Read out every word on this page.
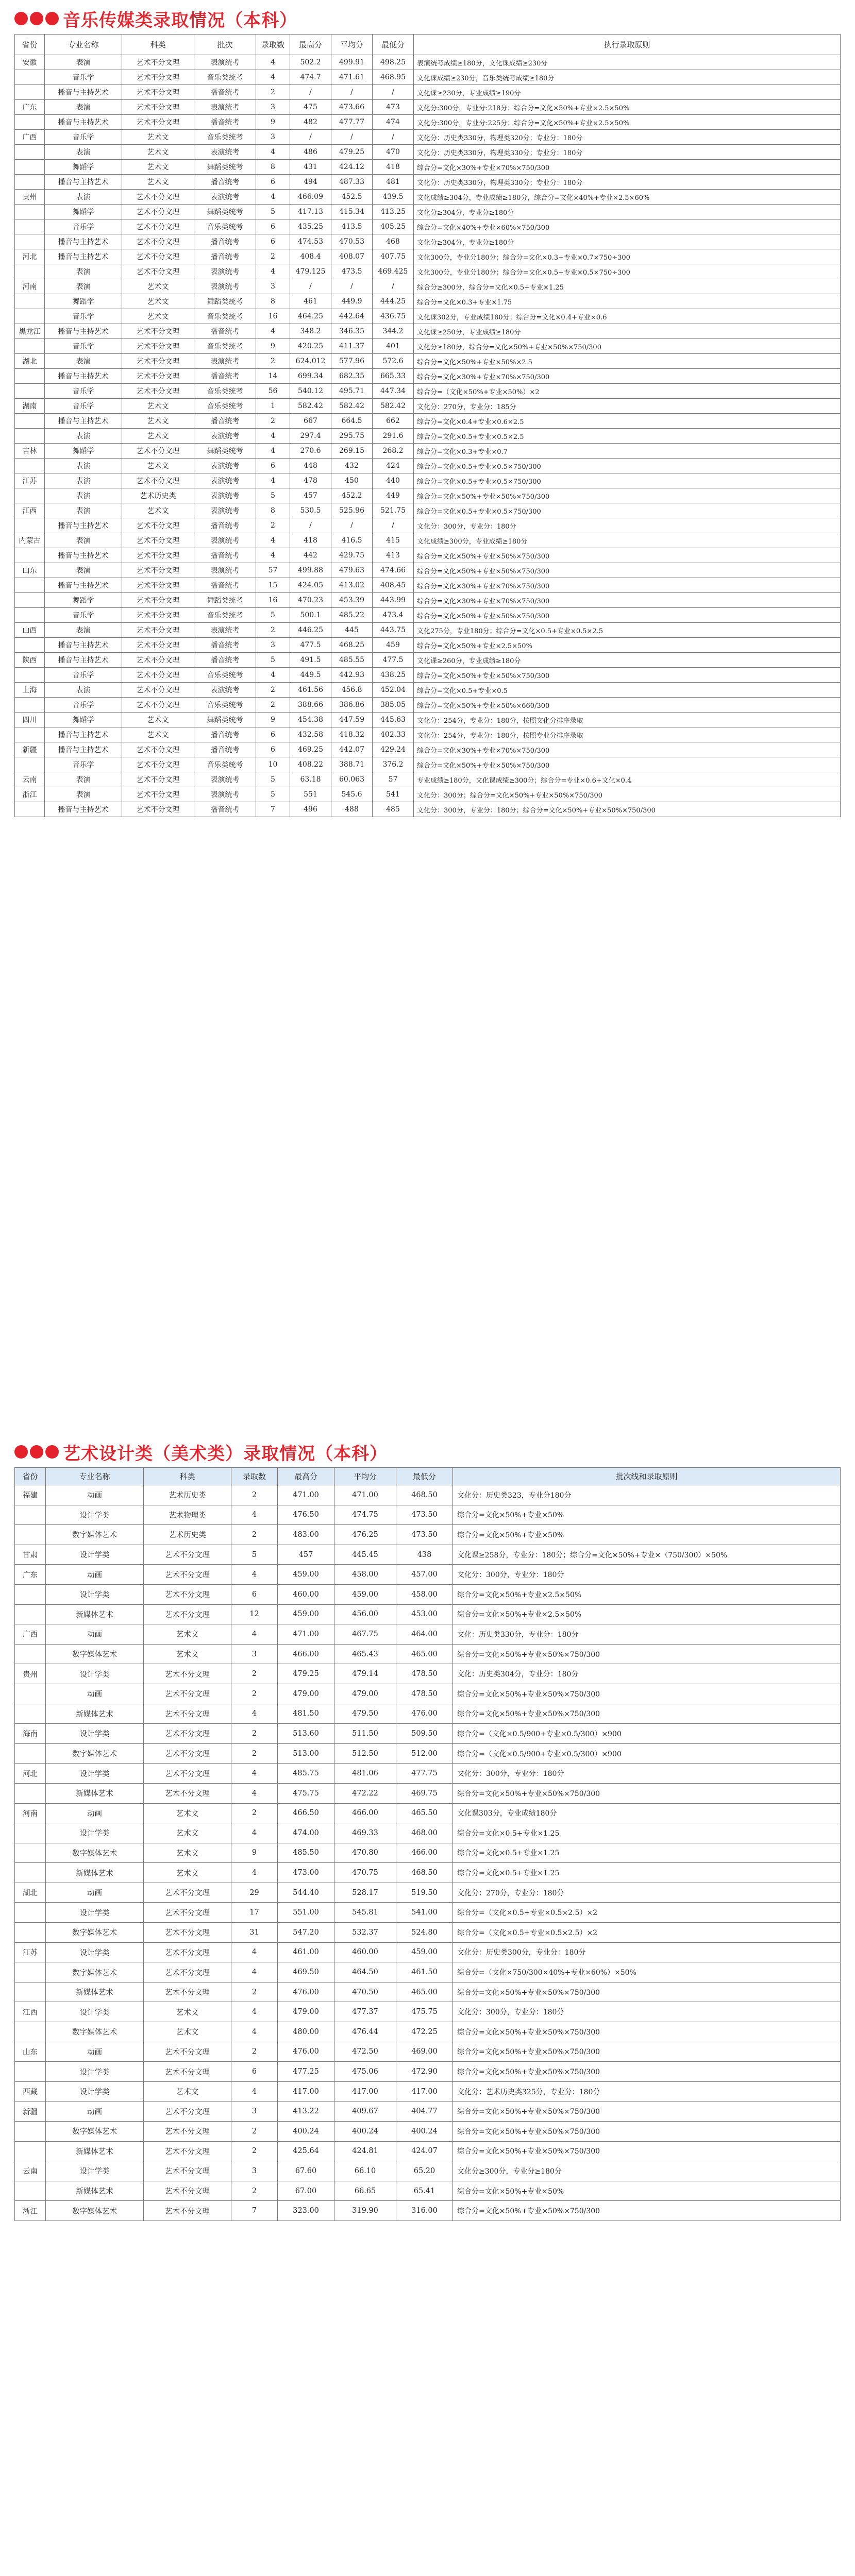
音乐传媒类录取情况（本科）
省份	专业名称	科类	批次	录取数	最高分	平均分	最低分	执行录取原则
安徽	表演	艺术不分文理	表演统考	4	502.2	499.91	498.25	表演统考成绩≥180分，文化课成绩≥230分
	音乐学	艺术不分文理	音乐类统考	4	474.7	471.61	468.95	文化课成绩≥230分，音乐类统考成绩≥180分
	播音与主持艺术	艺术不分文理	播音统考	2	/	/	/	文化课≥230分，专业成绩≥190分
广东	表演	艺术不分文理	表演统考	3	475	473.66	473	文化分:300分，专业分:218分；综合分=文化×50%+专业×2.5×50%
	播音与主持艺术	艺术不分文理	播音统考	9	482	477.77	474	文化分:300分，专业分:225分；综合分=文化×50%+专业×2.5×50%
广西	音乐学	艺术文	音乐类统考	3	/	/	/	文化分：历史类330分，物理类320分；专业分：180分
	表演	艺术文	表演统考	4	486	479.25	470	文化分：历史类330分，物理类330分；专业分：180分
	舞蹈学	艺术文	舞蹈类统考	8	431	424.12	418	综合分=文化×30%+专业×70%×750/300
	播音与主持艺术	艺术文	播音统考	6	494	487.33	481	文化分：历史类330分，物理类330分；专业分：180分
贵州	表演	艺术不分文理	表演统考	4	466.09	452.5	439.5	文化成绩≥304分，专业成绩≥180分，综合分=文化×40%+专业×2.5×60%
	舞蹈学	艺术不分文理	舞蹈类统考	5	417.13	415.34	413.25	文化分≥304分，专业分≥180分
	音乐学	艺术不分文理	音乐类统考	6	435.25	413.5	405.25	综合分=文化×40%+专业×60%×750/300
	播音与主持艺术	艺术不分文理	播音统考	6	474.53	470.53	468	文化分≥304分，专业分≥180分
河北	播音与主持艺术	艺术不分文理	播音统考	2	408.4	408.07	407.75	文化300分，专业分180分；综合分=文化×0.3+专业×0.7×750÷300
	表演	艺术不分文理	表演统考	4	479.125	473.5	469.425	文化300分，专业分180分；综合分=文化×0.5+专业×0.5×750÷300
河南	表演	艺术文	表演统考	3	/	/	/	综合分≥300分，综合分=文化×0.5+专业×1.25
	舞蹈学	艺术文	舞蹈类统考	8	461	449.9	444.25	综合分=文化×0.3+专业×1.75
	音乐学	艺术文	音乐类统考	16	464.25	442.64	436.75	文化课302分，专业成绩180分；综合分=文化×0.4+专业×0.6
黑龙江	播音与主持艺术	艺术不分文理	播音统考	4	348.2	346.35	344.2	文化课≥250分，专业成绩≥180分
	音乐学	艺术不分文理	音乐类统考	9	420.25	411.37	401	文化分≥180分，综合分=文化×50%+专业×50%×750/300
湖北	表演	艺术不分文理	表演统考	2	624.012	577.96	572.6	综合分=文化×50%+专业×50%×2.5
	播音与主持艺术	艺术不分文理	播音统考	14	699.34	682.35	665.33	综合分=文化×30%+专业×70%×750/300
	音乐学	艺术不分文理	音乐类统考	56	540.12	495.71	447.34	综合分=（文化×50%+专业×50%）×2
湖南	音乐学	艺术文	音乐类统考	1	582.42	582.42	582.42	文化分：270分，专业分：185分
	播音与主持艺术	艺术文	播音统考	2	667	664.5	662	综合分=文化×0.4+专业×0.6×2.5
	表演	艺术文	表演统考	4	297.4	295.75	291.6	综合分=文化×0.5+专业×0.5×2.5
吉林	舞蹈学	艺术不分文理	舞蹈类统考	4	270.6	269.15	268.2	综合分=文化×0.3+专业×0.7
	表演	艺术文	表演统考	6	448	432	424	综合分=文化×0.5+专业×0.5×750/300
江苏	表演	艺术不分文理	表演统考	4	478	450	440	综合分=文化×0.5+专业×0.5×750/300
	表演	艺术历史类	表演统考	5	457	452.2	449	综合分=文化×50%+专业×50%×750/300
江西	表演	艺术文	表演统考	8	530.5	525.96	521.75	综合分=文化×0.5+专业×0.5×750/300
	播音与主持艺术	艺术不分文理	播音统考	2	/	/	/	文化分：300分，专业分：180分
内蒙古	表演	艺术不分文理	表演统考	4	418	416.5	415	文化成绩≥300分，专业成绩≥180分
	播音与主持艺术	艺术不分文理	播音统考	4	442	429.75	413	综合分=文化×50%+专业×50%×750/300
山东	表演	艺术不分文理	表演统考	57	499.88	479.63	474.66	综合分=文化×50%+专业×50%×750/300
	播音与主持艺术	艺术不分文理	播音统考	15	424.05	413.02	408.45	综合分=文化×30%+专业×70%×750/300
	舞蹈学	艺术不分文理	舞蹈类统考	16	470.23	453.39	443.99	综合分=文化×30%+专业×70%×750/300
	音乐学	艺术不分文理	音乐类统考	5	500.1	485.22	473.4	综合分=文化×50%+专业×50%×750/300
山西	表演	艺术不分文理	表演统考	2	446.25	445	443.75	文化275分，专业180分；综合分=文化×0.5+专业×0.5×2.5
	播音与主持艺术	艺术不分文理	播音统考	3	477.5	468.25	459	综合分=文化×50%+专业×2.5×50%
陕西	播音与主持艺术	艺术不分文理	播音统考	5	491.5	485.55	477.5	文化课≥260分，专业成绩≥180分
	音乐学	艺术不分文理	音乐类统考	4	449.5	442.93	438.25	综合分=文化×50%+专业×50%×750/300
上海	表演	艺术不分文理	表演统考	2	461.56	456.8	452.04	综合分=文化×0.5+专业×0.5
	音乐学	艺术不分文理	音乐类统考	2	388.66	386.86	385.05	综合分=文化×50%+专业×50%×660/300
四川	舞蹈学	艺术文	舞蹈类统考	9	454.38	447.59	445.63	文化分：254分，专业分：180分，按照文化分排序录取
	播音与主持艺术	艺术文	播音统考	6	432.58	418.32	402.33	文化分：254分，专业分：180分，按照专业分排序录取
新疆	播音与主持艺术	艺术不分文理	播音统考	6	469.25	442.07	429.24	综合分=文化×30%+专业×70%×750/300
	音乐学	艺术不分文理	音乐类统考	10	408.22	388.71	376.2	综合分=文化×50%+专业×50%×750/300
云南	表演	艺术不分文理	表演统考	5	63.18	60.063	57	专业成绩≥180分，文化课成绩≥300分；综合分=专业×0.6+文化×0.4
浙江	表演	艺术不分文理	表演统考	5	551	545.6	541	文化分：300分；综合分=文化×50%+专业×50%×750/300
	播音与主持艺术	艺术不分文理	播音统考	7	496	488	485	文化分：300分，专业分：180分；综合分=文化×50%+专业×50%×750/300
艺术设计类（美术类）录取情况（本科）
省份	专业名称	科类	录取数	最高分	平均分	最低分	批次线和录取原则
福建	动画	艺术历史类	2	471.00	471.00	468.50	文化分：历史类323，专业分180分
	设计学类	艺术物理类	4	476.50	474.75	473.50	综合分=文化×50%+专业×50%
	数字媒体艺术	艺术历史类	2	483.00	476.25	473.50	综合分=文化×50%+专业×50%
甘肃	设计学类	艺术不分文理	5	457	445.45	438	文化课≥258分，专业分：180分；综合分=文化×50%+专业×（750/300）×50%
广东	动画	艺术不分文理	4	459.00	458.00	457.00	文化分：300分，专业分：180分
	设计学类	艺术不分文理	6	460.00	459.00	458.00	综合分=文化×50%+专业×2.5×50%
	新媒体艺术	艺术不分文理	12	459.00	456.00	453.00	综合分=文化×50%+专业×2.5×50%
广西	动画	艺术文	4	471.00	467.75	464.00	文化：历史类330分，专业分：180分
	数字媒体艺术	艺术文	3	466.00	465.43	465.00	综合分=文化×50%+专业×50%×750/300
贵州	设计学类	艺术不分文理	2	479.25	479.14	478.50	文化：历史类304分，专业分：180分
	动画	艺术不分文理	2	479.00	479.00	478.50	综合分=文化×50%+专业×50%×750/300
	新媒体艺术	艺术不分文理	4	481.50	479.50	476.00	综合分=文化×50%+专业×50%×750/300
海南	设计学类	艺术不分文理	2	513.60	511.50	509.50	综合分=（文化×0.5/900+专业×0.5/300）×900
	数字媒体艺术	艺术不分文理	2	513.00	512.50	512.00	综合分=（文化×0.5/900+专业×0.5/300）×900
河北	设计学类	艺术不分文理	4	485.75	481.06	477.75	文化分：300分，专业分：180分
	新媒体艺术	艺术不分文理	4	475.75	472.22	469.75	综合分=文化×50%+专业×50%×750/300
河南	动画	艺术文	2	466.50	466.00	465.50	文化课303分，专业成绩180分
	设计学类	艺术文	4	474.00	469.33	468.00	综合分=文化×0.5+专业×1.25
	数字媒体艺术	艺术文	9	485.50	470.80	466.00	综合分=文化×0.5+专业×1.25
	新媒体艺术	艺术文	4	473.00	470.75	468.50	综合分=文化×0.5+专业×1.25
湖北	动画	艺术不分文理	29	544.40	528.17	519.50	文化分：270分，专业分：180分
	设计学类	艺术不分文理	17	551.00	545.81	541.00	综合分=（文化×0.5+专业×0.5×2.5）×2
	数字媒体艺术	艺术不分文理	31	547.20	532.37	524.80	综合分=（文化×0.5+专业×0.5×2.5）×2
江苏	设计学类	艺术不分文理	4	461.00	460.00	459.00	文化分：历史类300分，专业分：180分
	数字媒体艺术	艺术不分文理	4	469.50	464.50	461.50	综合分=（文化×750/300×40%+专业×60%）×50%
	新媒体艺术	艺术不分文理	2	476.00	470.50	465.00	综合分=文化×50%+专业×50%×750/300
江西	设计学类	艺术文	4	479.00	477.37	475.75	文化分：300分，专业分：180分
	数字媒体艺术	艺术文	4	480.00	476.44	472.25	综合分=文化×50%+专业×50%×750/300
山东	动画	艺术不分文理	2	476.00	472.50	469.00	综合分=文化×50%+专业×50%×750/300
	设计学类	艺术不分文理	6	477.25	475.06	472.90	综合分=文化×50%+专业×50%×750/300
西藏	设计学类	艺术文	4	417.00	417.00	417.00	文化分：艺术历史类325分，专业分：180分
新疆	动画	艺术不分文理	3	413.22	409.67	404.77	综合分=文化×50%+专业×50%×750/300
	数字媒体艺术	艺术不分文理	2	400.24	400.24	400.24	综合分=文化×50%+专业×50%×750/300
	新媒体艺术	艺术不分文理	2	425.64	424.81	424.07	综合分=文化×50%+专业×50%×750/300
云南	设计学类	艺术不分文理	3	67.60	66.10	65.20	文化分≥300分，专业分≥180分
	新媒体艺术	艺术不分文理	2	67.00	66.65	65.41	综合分=文化×50%+专业×50%
浙江	数字媒体艺术	艺术不分文理	7	323.00	319.90	316.00	综合分=文化×50%+专业×50%×750/300
